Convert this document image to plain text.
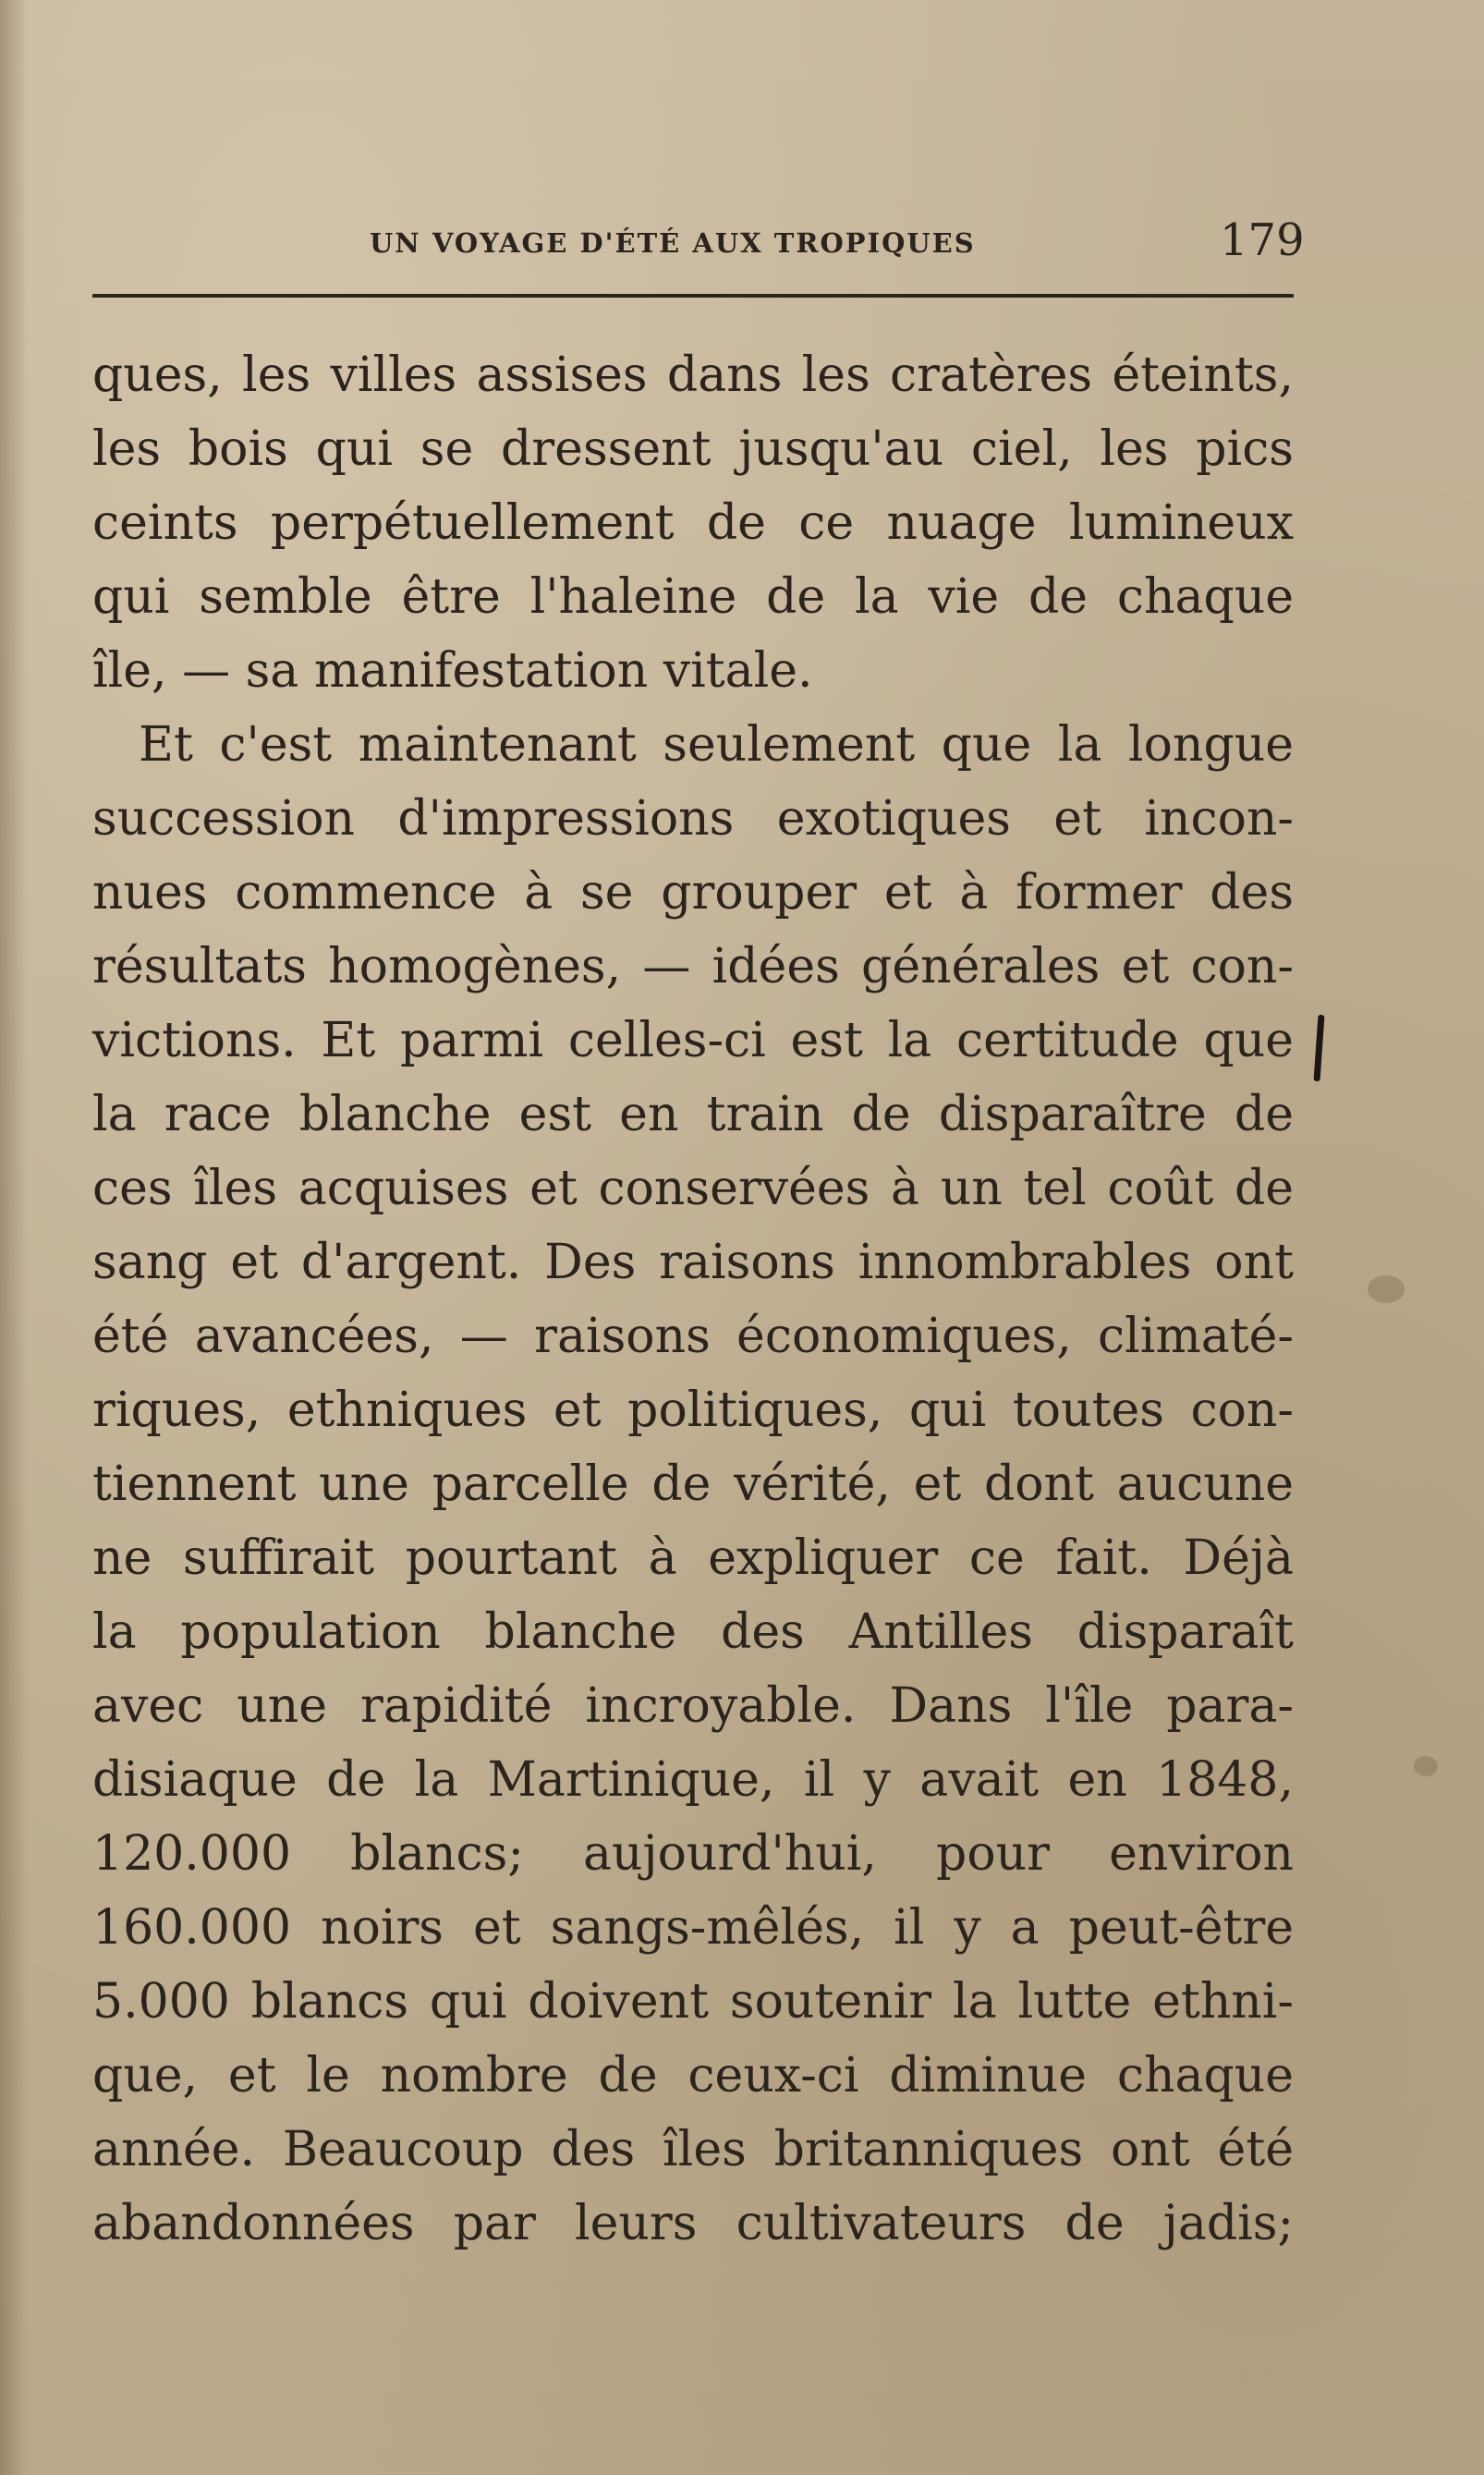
UN VOYAGE D'ÉTÉ AUX TROPIQUES	179
ques, les villes assises dans les cratères éteints,
les bois qui se dressent jusqu'au ciel, les pics
ceints perpétuellement de ce nuage lumineux
qui semble être l'haleine de la vie de chaque
île, — sa manifestation vitale.
Et c'est maintenant seulement que la longue
succession d'impressions exotiques et incon-
nues commence à se grouper et à former des
résultats homogènes, — idées générales et con-
victions. Et parmi celles-ci est la certitude que
la race blanche est en train de disparaître de
ces îles acquises et conservées à un tel coût de
sang et d'argent. Des raisons innombrables ont
été avancées, — raisons économiques, climaté-
riques, ethniques et politiques, qui toutes con-
tiennent une parcelle de vérité, et dont aucune
ne suffirait pourtant à expliquer ce fait. Déjà
la population blanche des Antilles disparaît
avec une rapidité incroyable. Dans l'île para-
disiaque de la Martinique, il y avait en 1848,
120.000 blancs; aujourd'hui, pour environ
160.000 noirs et sangs-mêlés, il y a peut-être
5.000 blancs qui doivent soutenir la lutte ethni-
que, et le nombre de ceux-ci diminue chaque
année. Beaucoup des îles britanniques ont été
abandonnées par leurs cultivateurs de jadis;
